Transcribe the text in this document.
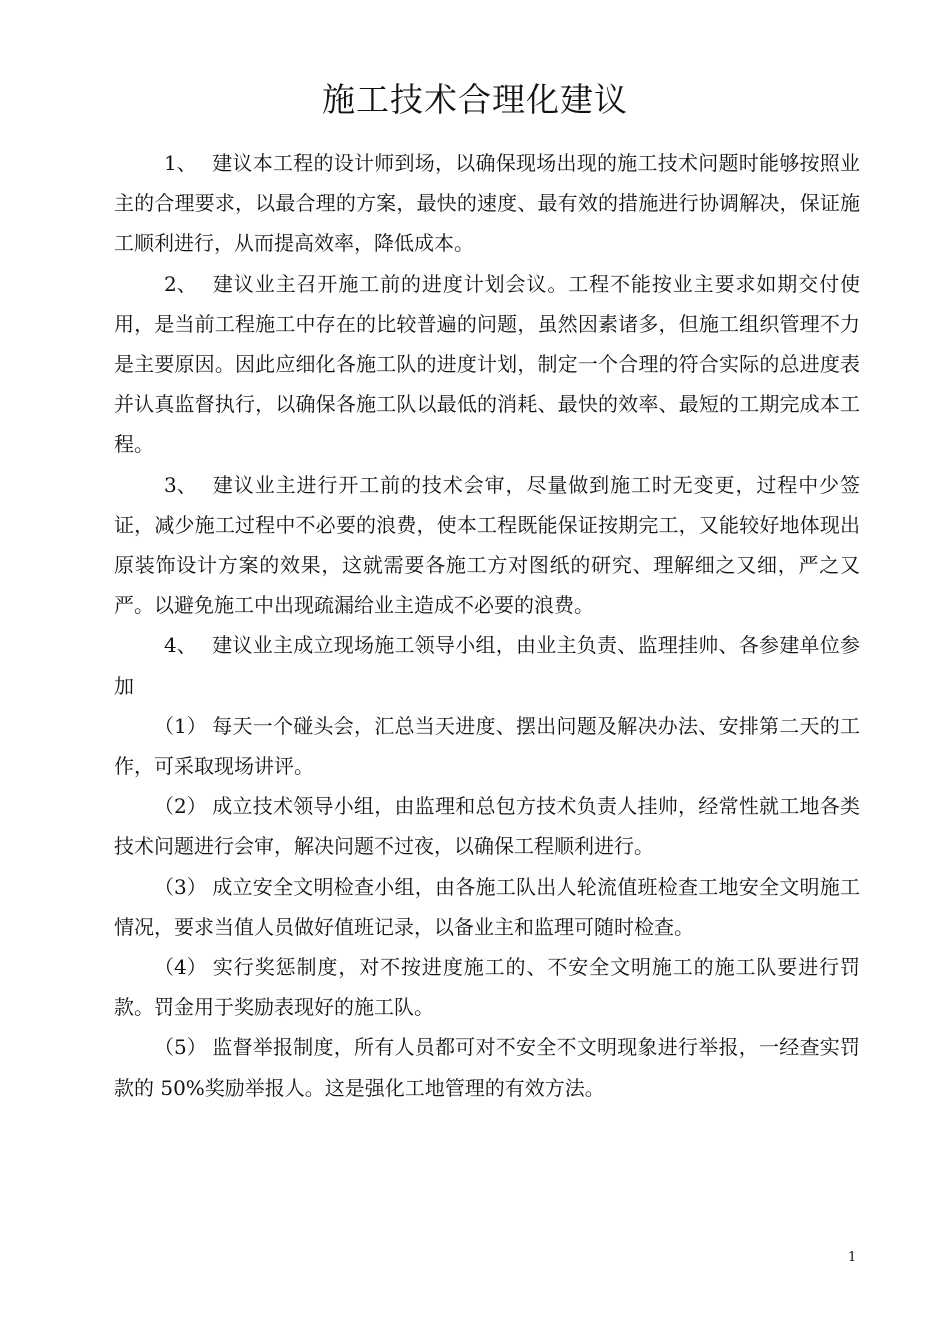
施工技术合理化建议

1、 建议本工程的设计师到场，以确保现场出现的施工技术问题时能够按照业主的合理要求，以最合理的方案，最快的速度、最有效的措施进行协调解决，保证施工顺利进行，从而提高效率，降低成本。

2、 建议业主召开施工前的进度计划会议。工程不能按业主要求如期交付使用，是当前工程施工中存在的比较普遍的问题，虽然因素诸多，但施工组织管理不力是主要原因。因此应细化各施工队的进度计划，制定一个合理的符合实际的总进度表并认真监督执行，以确保各施工队以最低的消耗、最快的效率、最短的工期完成本工程。

3、 建议业主进行开工前的技术会审，尽量做到施工时无变更，过程中少签证，减少施工过程中不必要的浪费，使本工程既能保证按期完工，又能较好地体现出原装饰设计方案的效果，这就需要各施工方对图纸的研究、理解细之又细，严之又严。以避免施工中出现疏漏给业主造成不必要的浪费。

4、 建议业主成立现场施工领导小组，由业主负责、监理挂帅、各参建单位参加

（1） 每天一个碰头会，汇总当天进度、摆出问题及解决办法、安排第二天的工作，可采取现场讲评。

（2） 成立技术领导小组，由监理和总包方技术负责人挂帅，经常性就工地各类技术问题进行会审，解决问题不过夜，以确保工程顺利进行。

（3） 成立安全文明检查小组，由各施工队出人轮流值班检查工地安全文明施工情况，要求当值人员做好值班记录，以备业主和监理可随时检查。

（4） 实行奖惩制度，对不按进度施工的、不安全文明施工的施工队要进行罚款。罚金用于奖励表现好的施工队。

（5） 监督举报制度，所有人员都可对不安全不文明现象进行举报，一经查实罚款的 50%奖励举报人。这是强化工地管理的有效方法。

1
